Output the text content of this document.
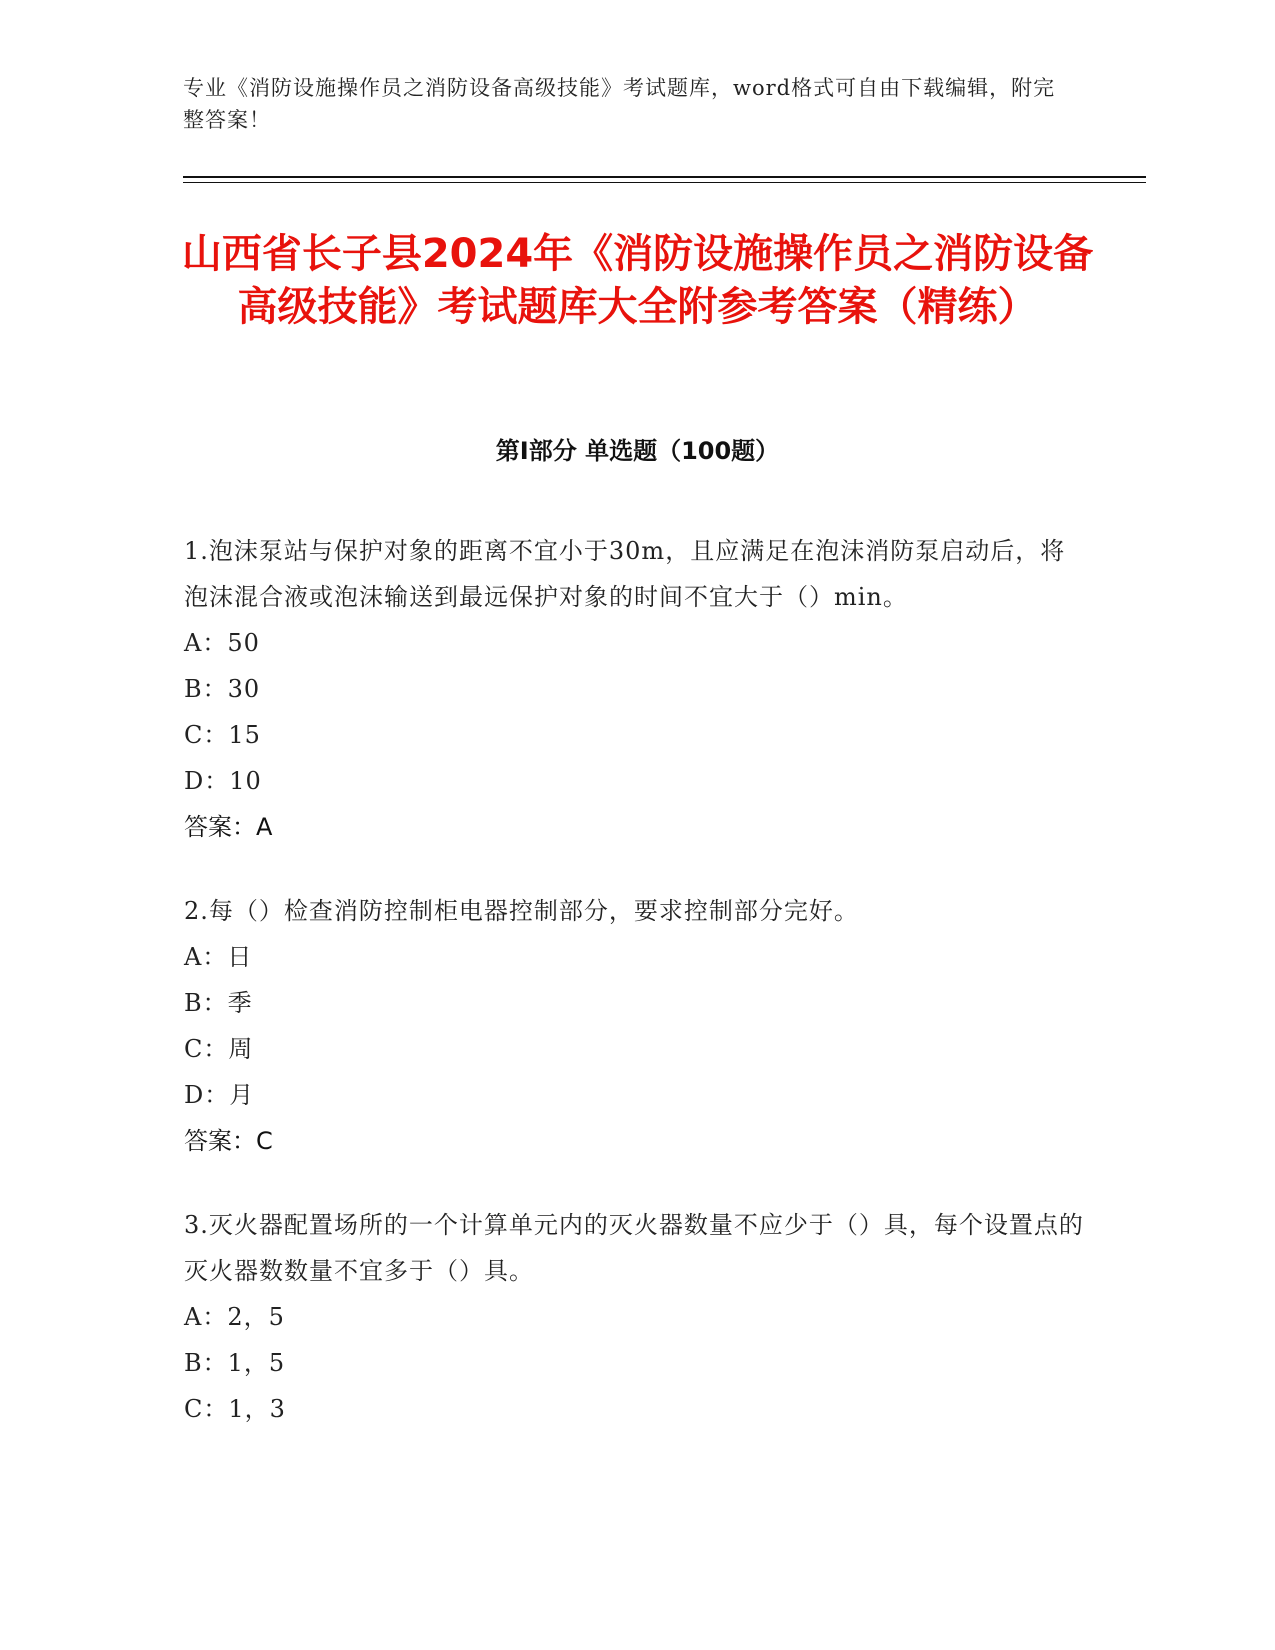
专业《消防设施操作员之消防设备高级技能》考试题库，word格式可自由下载编辑，附完整答案！
山西省长子县2024年《消防设施操作员之消防设备高级技能》考试题库大全附参考答案（精练）
第I部分 单选题（100题）

1.泡沫泵站与保护对象的距离不宜小于30m，且应满足在泡沫消防泵启动后，将泡沫混合液或泡沫输送到最远保护对象的时间不宜大于（）min。

A：50

B：30

C：15

D：10

答案：A

2.每（）检查消防控制柜电器控制部分，要求控制部分完好。

A：日

B：季

C：周

D：月

答案：C

3.灭火器配置场所的一个计算单元内的灭火器数量不应少于（）具，每个设置点的灭火器数数量不宜多于（）具。

A：2，5

B：1，5

C：1，3
